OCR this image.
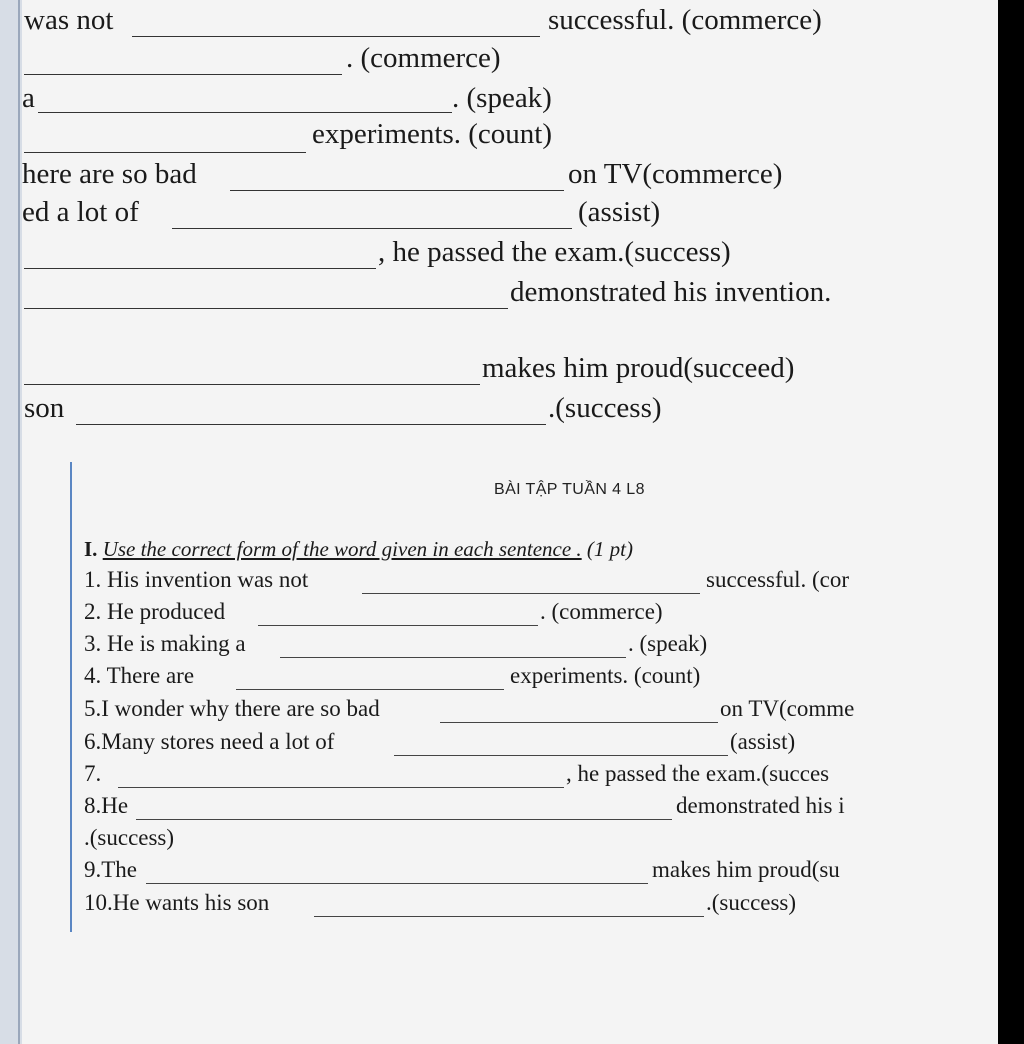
was not	successful. (commerce)
. (commerce)
a	. (speak)
experiments. (count)
here are so bad	on TV(commerce)
ed a lot of	(assist)
, he passed the exam.(success)
demonstrated his invention.
makes him proud(succeed)
son	.(success)
BÀI TẬP TUẦN 4 L8
I. Use the correct form of the word given in each sentence . (1 pt)
1. His invention was not	successful. (cor
2. He produced	. (commerce)
3. He is making a	. (speak)
4. There are	experiments. (count)
5.I wonder why there are so bad	on TV(comme
6.Many stores need a lot of	(assist)
7.	, he passed the exam.(succes
8.He	demonstrated his i
.(success)
9.The	makes him proud(su
10.He wants his son	.(success)
